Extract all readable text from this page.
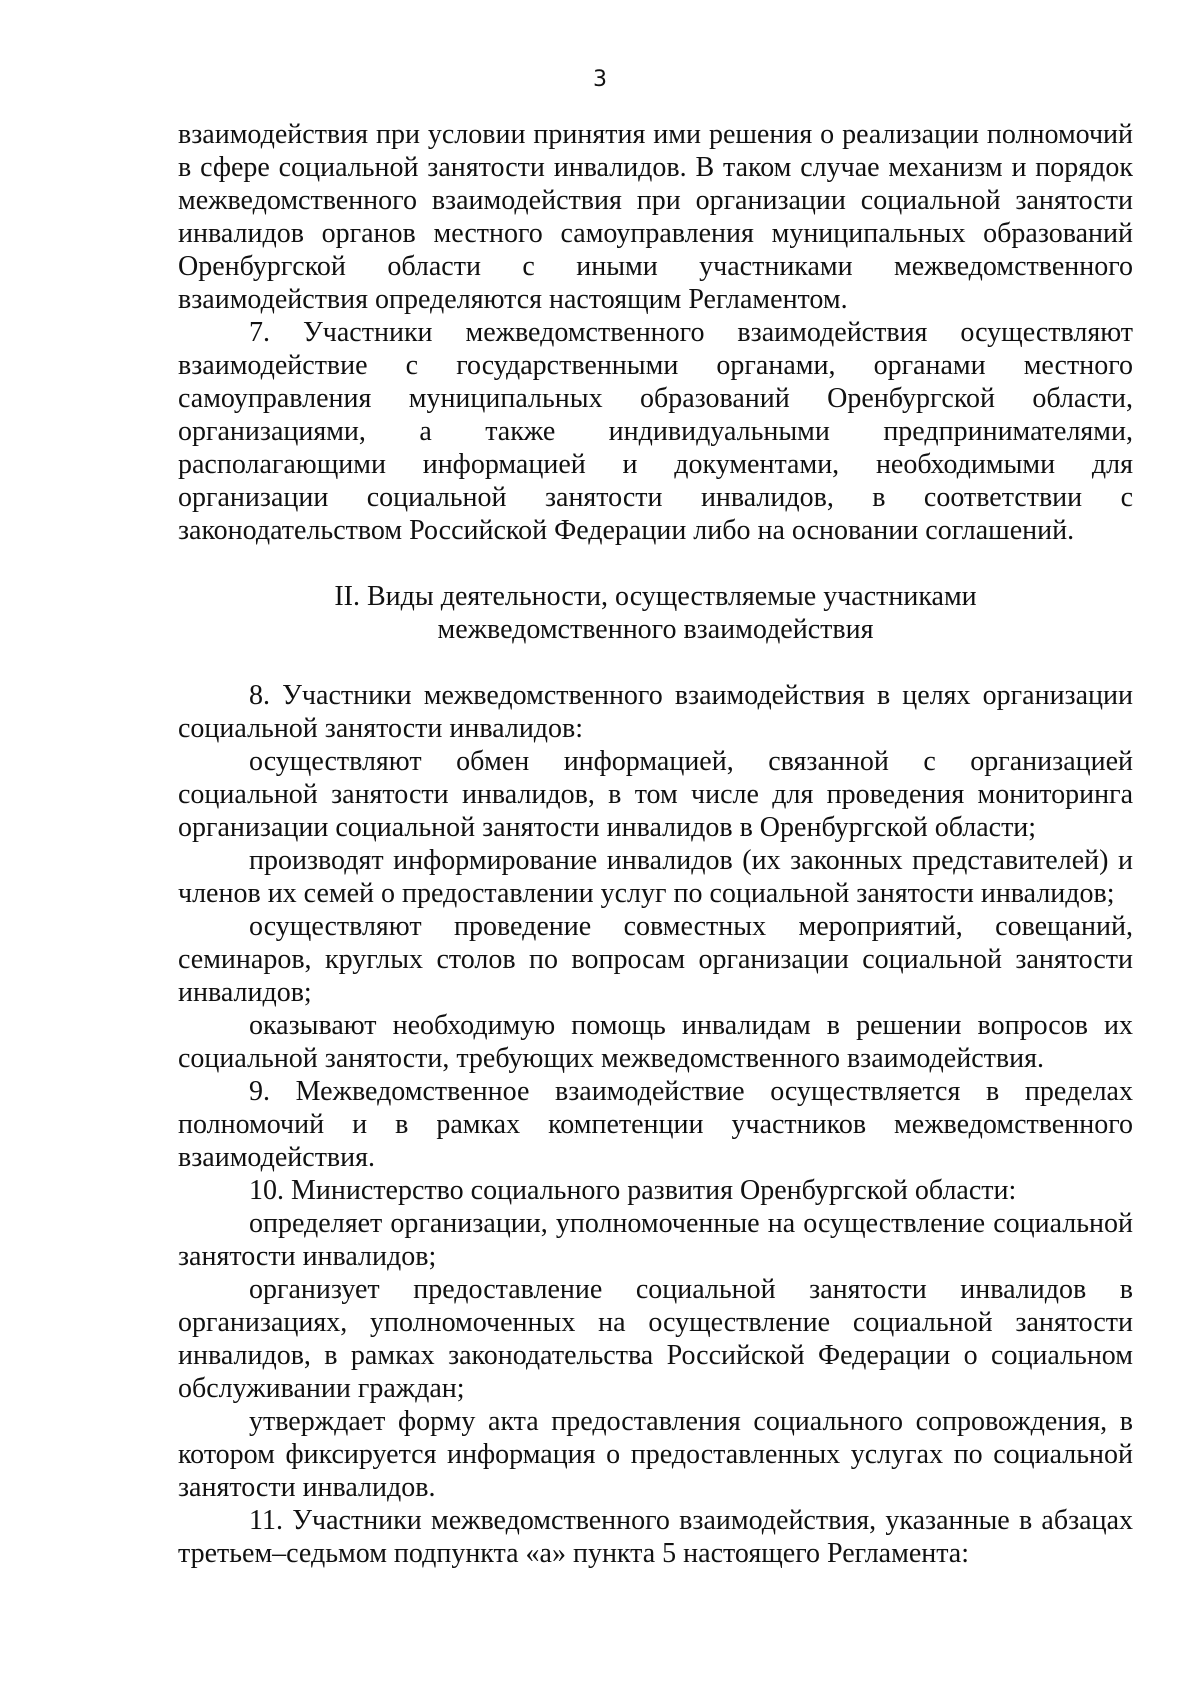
3

взаимодействия при условии принятия ими решения о реализации полномочий в сфере социальной занятости инвалидов. В таком случае механизм и порядок межведомственного взаимодействия при организации социальной занятости инвалидов органов местного самоуправления муниципальных образований Оренбургской области с иными участниками межведомственного взаимодействия определяются настоящим Регламентом.

7. Участники межведомственного взаимодействия осуществляют взаимодействие с государственными органами, органами местного самоуправления муниципальных образований Оренбургской области, организациями, а также индивидуальными предпринимателями, располагающими информацией и документами, необходимыми для организации социальной занятости инвалидов, в соответствии с законодательством Российской Федерации либо на основании соглашений.

II. Виды деятельности, осуществляемые участниками
межведомственного взаимодействия

8. Участники межведомственного взаимодействия в целях организации социальной занятости инвалидов:

осуществляют обмен информацией, связанной с организацией социальной занятости инвалидов, в том числе для проведения мониторинга организации социальной занятости инвалидов в Оренбургской области;

производят информирование инвалидов (их законных представителей) и членов их семей о предоставлении услуг по социальной занятости инвалидов;

осуществляют проведение совместных мероприятий, совещаний, семинаров, круглых столов по вопросам организации социальной занятости инвалидов;

оказывают необходимую помощь инвалидам в решении вопросов их социальной занятости, требующих межведомственного взаимодействия.

9. Межведомственное взаимодействие осуществляется в пределах полномочий и в рамках компетенции участников межведомственного взаимодействия.

10. Министерство социального развития Оренбургской области:

определяет организации, уполномоченные на осуществление социальной занятости инвалидов;

организует предоставление социальной занятости инвалидов в организациях, уполномоченных на осуществление социальной занятости инвалидов, в рамках законодательства Российской Федерации о социальном обслуживании граждан;

утверждает форму акта предоставления социального сопровождения, в котором фиксируется информация о предоставленных услугах по социальной занятости инвалидов.

11. Участники межведомственного взаимодействия, указанные в абзацах третьем–седьмом подпункта «а» пункта 5 настоящего Регламента:
